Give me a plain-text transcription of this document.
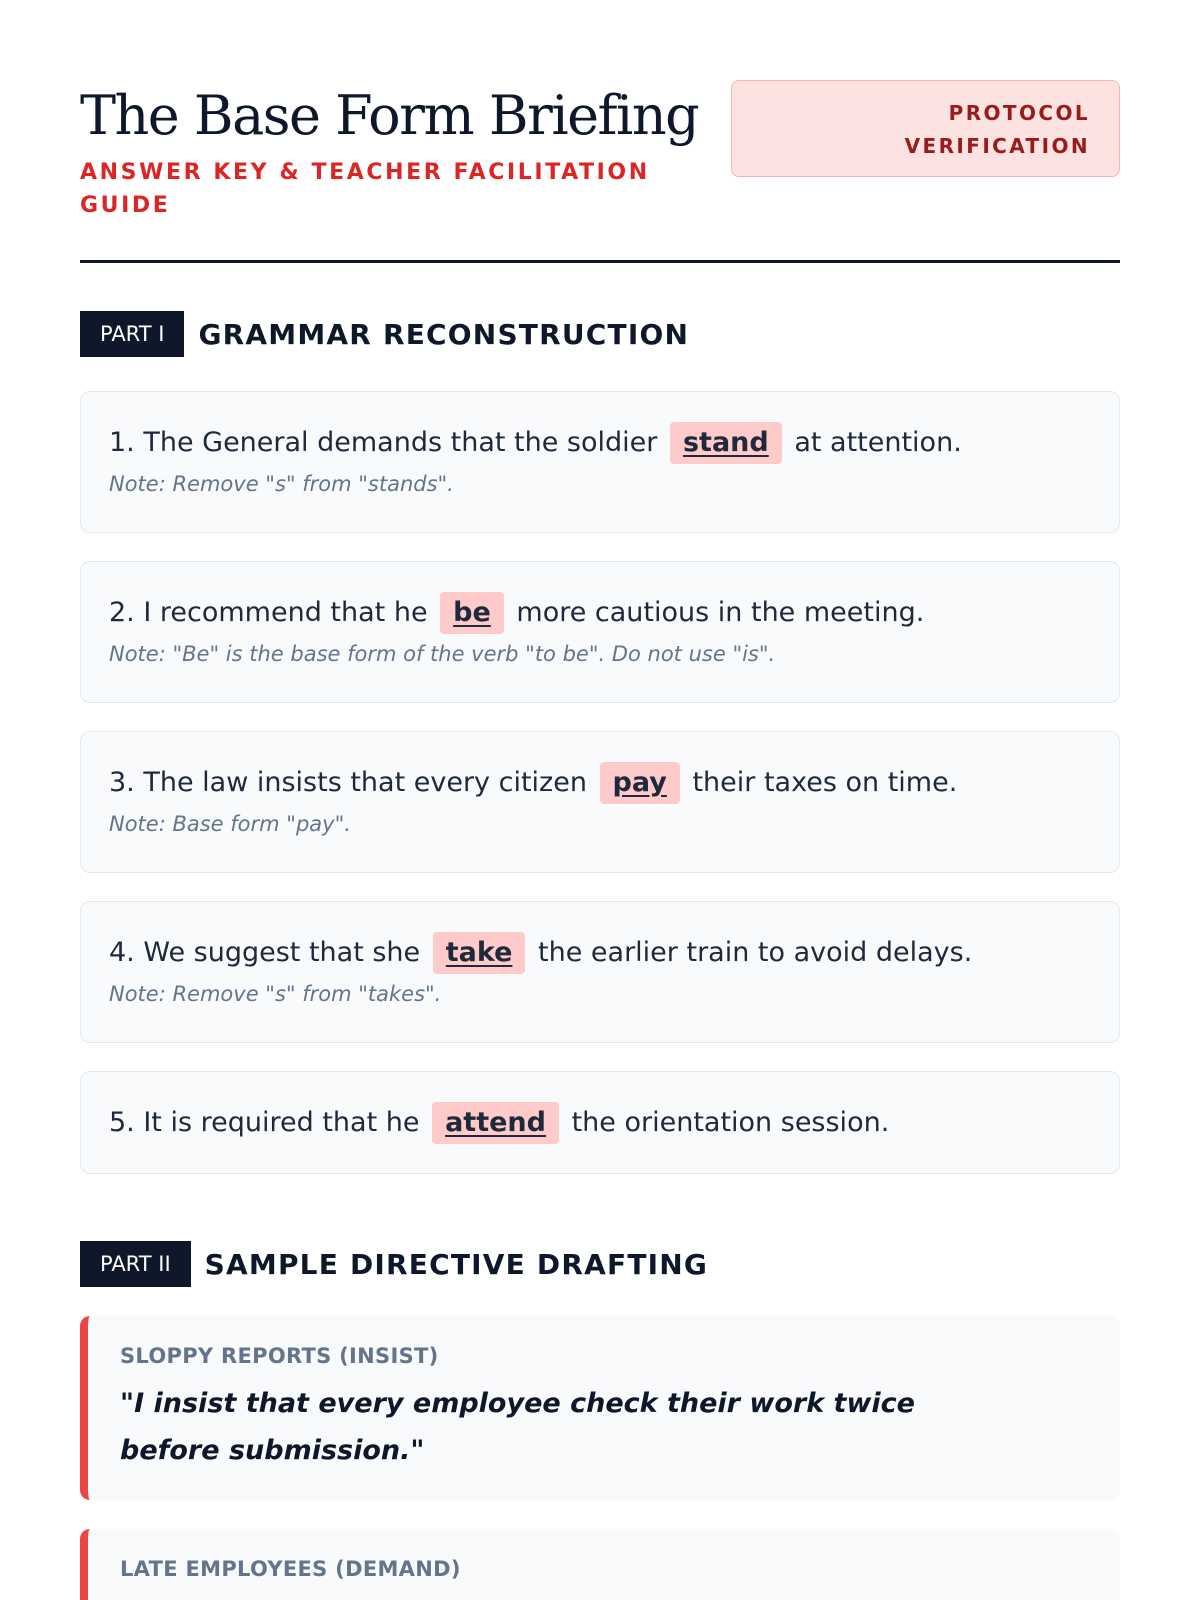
The Base Form Briefing
ANSWER KEY & TEACHER FACILITATION GUIDE
PROTOCOL VERIFICATION
PART I	GRAMMAR RECONSTRUCTION
1. The General demands that the soldier stand at attention.
Note: Remove "s" from "stands".
2. I recommend that he be more cautious in the meeting.
Note: "Be" is the base form of the verb "to be". Do not use "is".
3. The law insists that every citizen pay their taxes on time.
Note: Base form "pay".
4. We suggest that she take the earlier train to avoid delays.
Note: Remove "s" from "takes".
5. It is required that he attend the orientation session.
PART II	SAMPLE DIRECTIVE DRAFTING
SLOPPY REPORTS (INSIST)
"I insist that every employee check their work twice before submission."
LATE EMPLOYEES (DEMAND)
